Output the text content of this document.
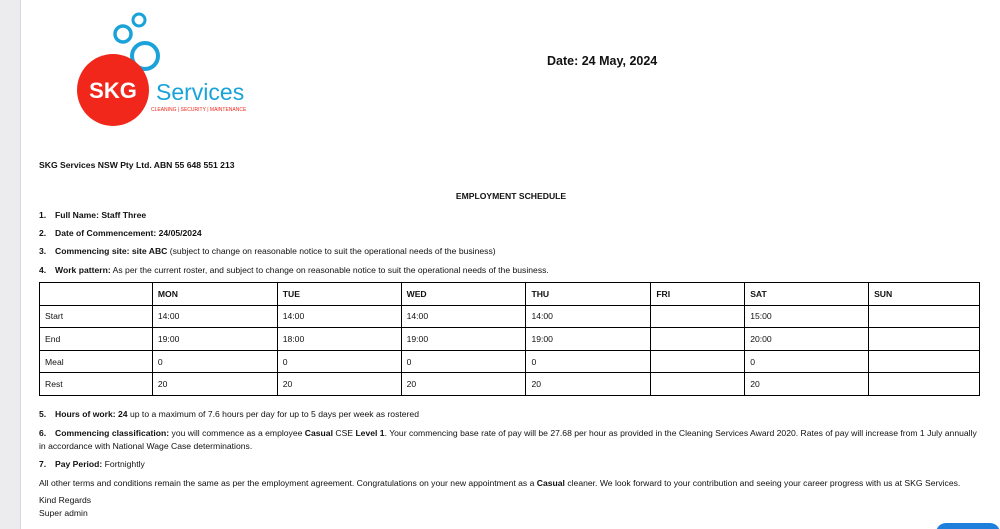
SKG Services
CLEANING | SECURITY | MAINTENANCE
Date: 24 May, 2024
SKG Services NSW Pty Ltd. ABN 55 648 551 213
EMPLOYMENT SCHEDULE
1. Full Name: Staff Three
2. Date of Commencement: 24/05/2024
3. Commencing site: site ABC (subject to change on reasonable notice to suit the operational needs of the business)
4. Work pattern: As per the current roster, and subject to change on reasonable notice to suit the operational needs of the business.
	MON	TUE	WED	THU	FRI	SAT	SUN
Start	14:00	14:00	14:00	14:00		15:00	
End	19:00	18:00	19:00	19:00		20:00	
Meal	0	0	0	0		0	
Rest	20	20	20	20		20	
5. Hours of work: 24 up to a maximum of 7.6 hours per day for up to 5 days per week as rostered
6. Commencing classification: you will commence as a employee Casual CSE Level 1. Your commencing base rate of pay will be 27.68 per hour as provided in the Cleaning Services Award 2020. Rates of pay will increase from 1 July annually in accordance with National Wage Case determinations.
7. Pay Period: Fortnightly
All other terms and conditions remain the same as per the employment agreement. Congratulations on your new appointment as a Casual cleaner. We look forward to your contribution and seeing your career progress with us at SKG Services.
Kind Regards
Super admin
